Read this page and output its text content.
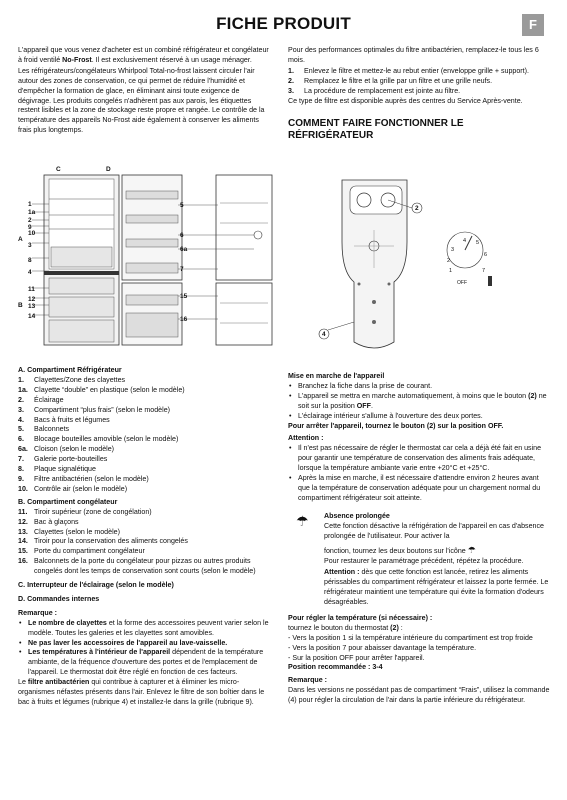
FICHE PRODUIT	F

L'appareil que vous venez d'acheter est un combiné réfrigérateur et congélateur à froid ventilé No-Frost. Il est exclusivement réservé à un usage ménager.

Les réfrigérateurs/congélateurs Whirlpool Total-no-frost laissent circuler l'air autour des zones de conservation, ce qui permet de réduire l'humidité et d'empêcher la formation de glace, en éliminant ainsi toute exigence de dégivrage. Les produits congelés n'adhèrent pas aux parois, les étiquettes restent lisibles et la zone de stockage reste propre et rangée. Le contrôle de la température des appareils No-Frost aide également à conserver les aliments frais plus longtemps.

C	D
1
1a
2
9
10
A
3
8
4
11
12
B 13
14
5
6
6a
7
15
16
A. Compartiment Réfrigérateur
1. Clayettes/Zone des clayettes
1a. Clayette “double” en plastique (selon le modèle)
2. Éclairage
3. Compartiment “plus frais” (selon le modèle)
4. Bacs à fruits et légumes
5. Balconnets
6. Blocage bouteilles amovible (selon le modèle)
6a. Cloison (selon le modèle)
7. Galerie porte-bouteilles
8. Plaque signalétique
9. Filtre antibactérien (selon le modèle)
10. Contrôle air (selon le modèle)
B. Compartiment congélateur
11. Tiroir supérieur (zone de congélation)
12. Bac à glaçons
13. Clayettes (selon le modèle)
14. Tiroir pour la conservation des aliments congelés
15. Porte du compartiment congélateur
16. Balconnets de la porte du congélateur pour pizzas ou autres produits congelés dont les temps de conservation sont courts (selon le modèle)
C. Interrupteur de l'éclairage (selon le modèle)
D. Commandes internes
Remarque :
• Le nombre de clayettes et la forme des accessoires peuvent varier selon le modèle. Toutes les galeries et les clayettes sont amovibles.
• Ne pas laver les accessoires de l'appareil au lave-vaisselle.
• Les températures à l'intérieur de l'appareil dépendent de la température ambiante, de la fréquence d'ouverture des portes et de l'emplacement de l'appareil. Le thermostat doit être réglé en fonction de ces facteurs.

Le filtre antibactérien qui contribue à capturer et à éliminer les micro-organismes néfastes présents dans l'air. Enlevez le filtre de son boîtier dans le bac à fruits et légumes (rubrique 4) et installez-le dans la grille (rubrique 9).

Pour des performances optimales du filtre antibactérien, remplacez-le tous les 6 mois.

1. Enlevez le filtre et mettez-le au rebut entier (enveloppe grille + support).
2. Remplacez le filtre et la grille par un filtre et une grille neufs.
3. La procédure de remplacement est jointe au filtre.

Ce type de filtre est disponible auprès des centres du Service Après-vente.

COMMENT FAIRE FONCTIONNER LE RÉFRIGÉRATEUR
2
4
1
2
3
4 5
6
7
OFF
Mise en marche de l'appareil
• Branchez la fiche dans la prise de courant.
• L'appareil se mettra en marche automatiquement, à moins que le bouton (2) ne soit sur la position OFF.
• L'éclairage intérieur s'allume à l'ouverture des deux portes.
Pour arrêter l'appareil, tournez le bouton (2) sur la position OFF.
Attention :
• Il n'est pas nécessaire de régler le thermostat car cela a déjà été fait en usine pour garantir une température de conservation des aliments frais adéquate, lorsque la température ambiante varie entre +20°C et +25°C.
• Après la mise en marche, il est nécessaire d'attendre environ 2 heures avant que la température de conservation adéquate pour un chargement normal du compartiment réfrigérateur soit atteinte.
☂ Absence prolongée

Cette fonction désactive la réfrigération de l'appareil en cas d'absence prolongée de l'utilisateur. Pour activer la

fonction, tournez les deux boutons sur l'icône ☂

Pour restaurer le paramétrage précédent, répétez la procédure.

Attention : dès que cette fonction est lancée, retirez les aliments périssables du compartiment réfrigérateur et laissez la porte fermée. Le réfrigérateur maintient une température qui évite la formation d'odeurs désagréables.

Pour régler la température (si nécessaire) :
tournez le bouton du thermostat (2) :
- Vers la position 1 si la température intérieure du compartiment est trop froide
- Vers la position 7 pour abaisser davantage la température.
- Sur la position OFF pour arrêter l'appareil.
Position recommandée : 3-4
Remarque :

Dans les versions ne possédant pas de compartiment “Frais”, utilisez la commande (4) pour régler la circulation de l'air dans la partie inférieure du réfrigérateur.
